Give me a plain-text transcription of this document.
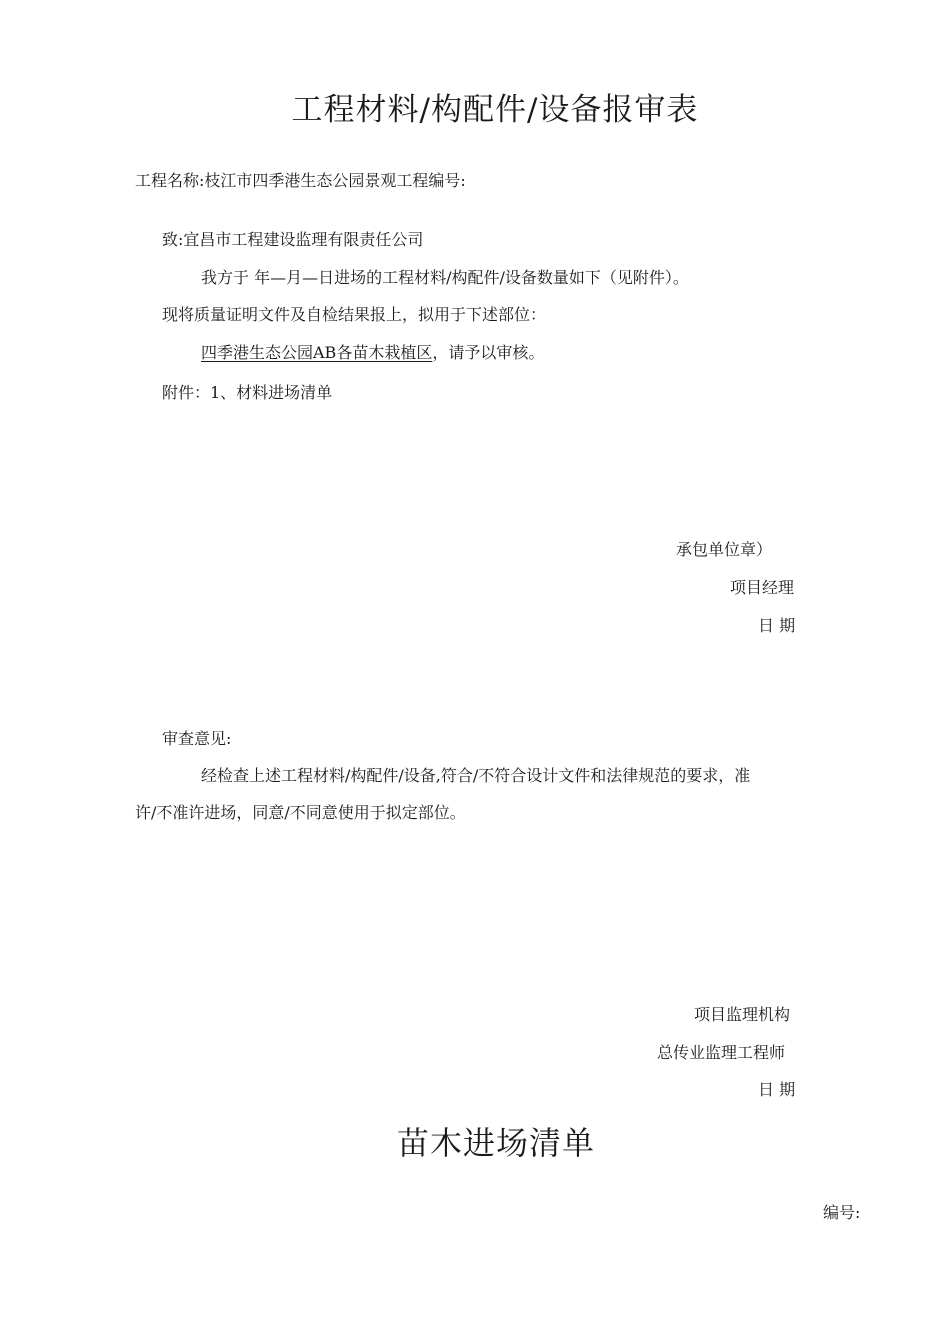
工程材料/构配件/设备报审表
工程名称:枝江市四季港生态公园景观工程编号:
致:宜昌市工程建设监理有限责任公司
我方于 年—月—日进场的工程材料/构配件/设备数量如下（见附件）。
现将质量证明文件及自检结果报上，拟用于下述部位：
四季港生态公园AB各苗木栽植区，请予以审核。
附件：1、材料进场清单
承包单位章）
项目经理
日 期
审查意见:
经检查上述工程材料/构配件/设备,符合/不符合设计文件和法律规范的要求，准
许/不准许进场，同意/不同意使用于拟定部位。
项目监理机构
总传业监理工程师
日 期
苗木进场清单
编号:
